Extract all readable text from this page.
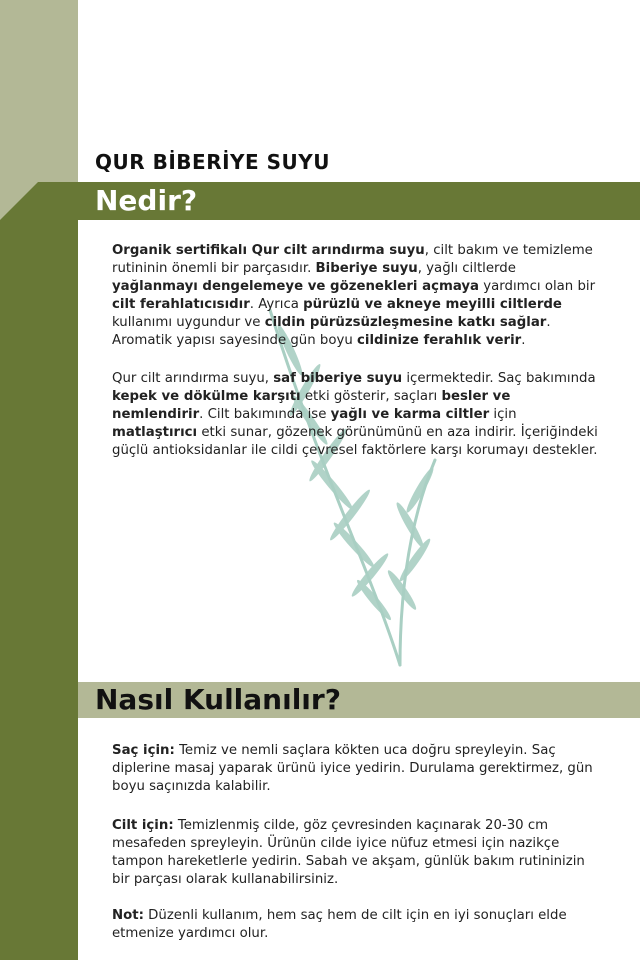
QUR BİBERİYE SUYU
Nedir?

Organik sertifikalı Qur cilt arındırma suyu, cilt bakım ve temizleme rutininin önemli bir parçasıdır. Biberiye suyu, yağlı ciltlerde yağlanmayı dengelemeye ve gözenekleri açmaya yardımcı olan bir cilt ferahlatıcısıdır. Ayrıca pürüzlü ve akneye meyilli ciltlerde kullanımı uygundur ve cildin pürüzsüzleşmesine katkı sağlar. Aromatik yapısı sayesinde gün boyu cildinize ferahlık verir.

Qur cilt arındırma suyu, saf biberiye suyu içermektedir. Saç bakımında kepek ve dökülme karşıtı etki gösterir, saçları besler ve nemlendirir. Cilt bakımında ise yağlı ve karma ciltler için matlaştırıcı etki sunar, gözenek görünümünü en aza indirir. İçeriğindeki güçlü antioksidanlar ile cildi çevresel faktörlere karşı korumayı destekler.

Nasıl Kullanılır?

Saç için: Temiz ve nemli saçlara kökten uca doğru spreyleyin. Saç diplerine masaj yaparak ürünü iyice yedirin. Durulama gerektirmez, gün boyu saçınızda kalabilir.

Cilt için: Temizlenmiş cilde, göz çevresinden kaçınarak 20-30 cm mesafeden spreyleyin. Ürünün cilde iyice nüfuz etmesi için nazikçe tampon hareketlerle yedirin. Sabah ve akşam, günlük bakım rutininizin bir parçası olarak kullanabilirsiniz.

Not: Düzenli kullanım, hem saç hem de cilt için en iyi sonuçları elde etmenize yardımcı olur.
